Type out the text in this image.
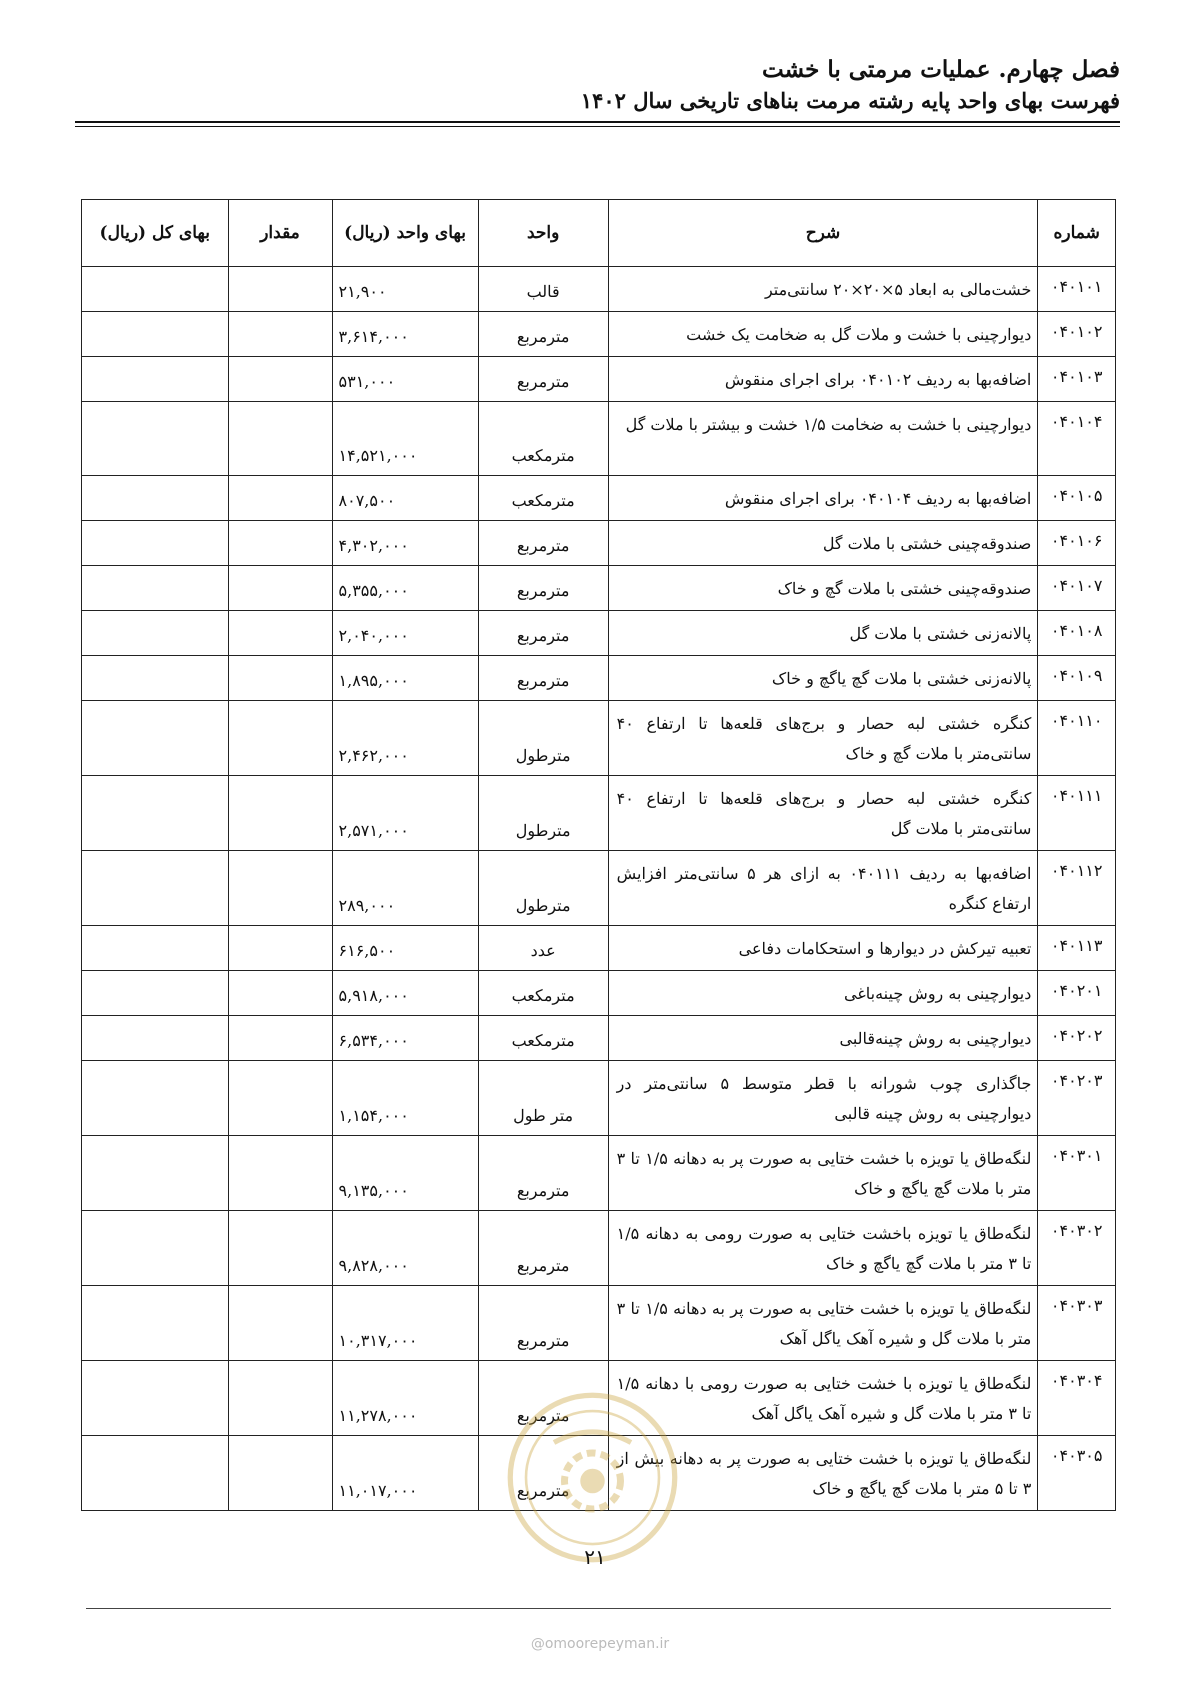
فصل چهارم. عملیات مرمتی با خشت
فهرست بهای واحد پایه رشته مرمت بناهای تاریخی سال ۱۴۰۲
شماره	شرح	واحد	بهای واحد (ریال)	مقدار	بهای کل (ریال)
۰۴۰۱۰۱	خشت‌مالی به ابعاد ۵×۲۰×۲۰ سانتی‌متر	قالب	۲۱,۹۰۰		
۰۴۰۱۰۲	دیوارچینی با خشت و ملات گل به ضخامت یک خشت	مترمربع	۳,۶۱۴,۰۰۰		
۰۴۰۱۰۳	اضافه‌بها به ردیف ۰۴۰۱۰۲ برای اجرای منقوش	مترمربع	۵۳۱,۰۰۰		
۰۴۰۱۰۴	دیوارچینی با خشت به ضخامت ۱/۵ خشت و بیشتر با ملات گل	مترمکعب	۱۴,۵۲۱,۰۰۰		
۰۴۰۱۰۵	اضافه‌بها به ردیف ۰۴۰۱۰۴ برای اجرای منقوش	مترمکعب	۸۰۷,۵۰۰		
۰۴۰۱۰۶	صندوقه‌چینی خشتی با ملات گل	مترمربع	۴,۳۰۲,۰۰۰		
۰۴۰۱۰۷	صندوقه‌چینی خشتی با ملات گچ و خاک	مترمربع	۵,۳۵۵,۰۰۰		
۰۴۰۱۰۸	پالانه‌زنی خشتی با ملات گل	مترمربع	۲,۰۴۰,۰۰۰		
۰۴۰۱۰۹	پالانه‌زنی خشتی با ملات گچ یاگچ و خاک	مترمربع	۱,۸۹۵,۰۰۰		
۰۴۰۱۱۰	کنگره خشتی لبه حصار و برج‌های قلعه‌ها تا ارتفاع ۴۰ سانتی‌متر با ملات گچ و خاک	مترطول	۲,۴۶۲,۰۰۰		
۰۴۰۱۱۱	کنگره خشتی لبه حصار و برج‌های قلعه‌ها تا ارتفاع ۴۰ سانتی‌متر با ملات گل	مترطول	۲,۵۷۱,۰۰۰		
۰۴۰۱۱۲	اضافه‌بها به ردیف ۰۴۰۱۱۱ به ازای هر ۵ سانتی‌متر افزایش ارتفاع کنگره	مترطول	۲۸۹,۰۰۰		
۰۴۰۱۱۳	تعبیه تیرکش در دیوارها و استحکامات دفاعی	عدد	۶۱۶,۵۰۰		
۰۴۰۲۰۱	دیوارچینی به روش چینه‌باغی	مترمکعب	۵,۹۱۸,۰۰۰		
۰۴۰۲۰۲	دیوارچینی به روش چینه‌قالبی	مترمکعب	۶,۵۳۴,۰۰۰		
۰۴۰۲۰۳	جاگذاری چوب شورانه با قطر متوسط ۵ سانتی‌متر در دیوارچینی به روش چینه قالبی	متر طول	۱,۱۵۴,۰۰۰		
۰۴۰۳۰۱	لنگه‌طاق یا تویزه با خشت ختایی به صورت پر به دهانه ۱/۵ تا ۳ متر با ملات گچ یاگچ و خاک	مترمربع	۹,۱۳۵,۰۰۰		
۰۴۰۳۰۲	لنگه‌طاق یا تویزه باخشت ختایی به صورت رومی به دهانه ۱/۵ تا ۳ متر با ملات گچ یاگچ و خاک	مترمربع	۹,۸۲۸,۰۰۰		
۰۴۰۳۰۳	لنگه‌طاق یا تویزه با خشت ختایی به صورت پر به دهانه ۱/۵ تا ۳ متر با ملات گل و شیره آهک یاگل آهک	مترمربع	۱۰,۳۱۷,۰۰۰		
۰۴۰۳۰۴	لنگه‌طاق یا تویزه با خشت ختایی به صورت رومی با دهانه ۱/۵ تا ۳ متر با ملات گل و شیره آهک یاگل آهک	مترمربع	۱۱,۲۷۸,۰۰۰		
۰۴۰۳۰۵	لنگه‌طاق یا تویزه با خشت ختایی به صورت پر به دهانه بیش از ۳ تا ۵ متر با ملات گچ یاگچ و خاک	مترمربع	۱۱,۰۱۷,۰۰۰		
۲۱
@omoorepeyman.ir
